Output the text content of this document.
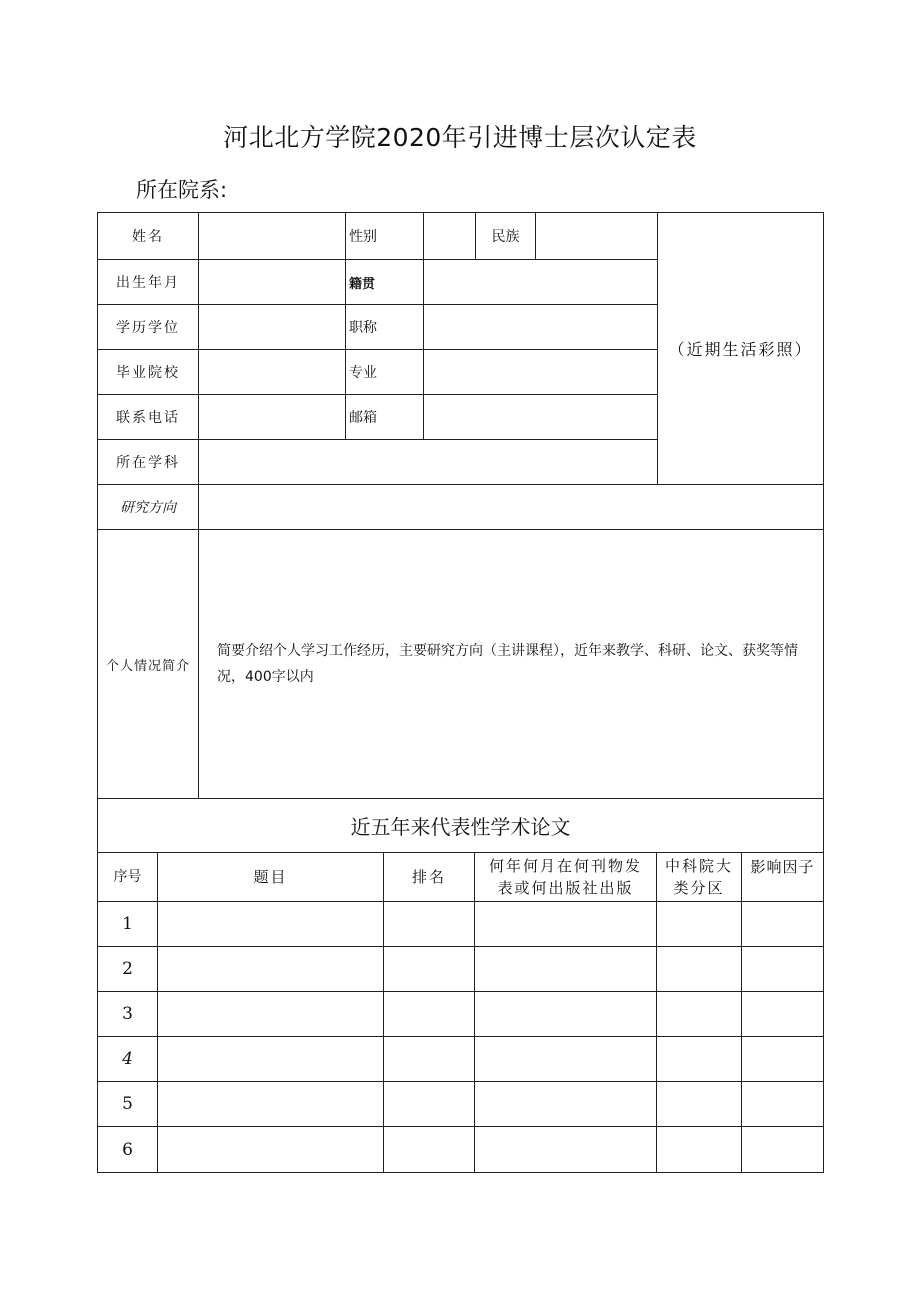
河北北方学院2020年引进博士层次认定表
所在院系:
姓名		性别		民族		（近期生活彩照）
出生年月		籍贯				
学历学位		职称				
毕业院校		专业				
联系电话		邮箱				
所在学科						
研究方向						
个人情况简介	简要介绍个人学习工作经历，主要研究方向（主讲课程），近年来教学、科研、论文、获奖等情况，400字以内					
近五年来代表性学术论文					
序号	题目	排名	何年何月在何刊物发表或何出版社出版	中科院大类分区	影响因子
1					
2					
3					
4					
5					
6					
